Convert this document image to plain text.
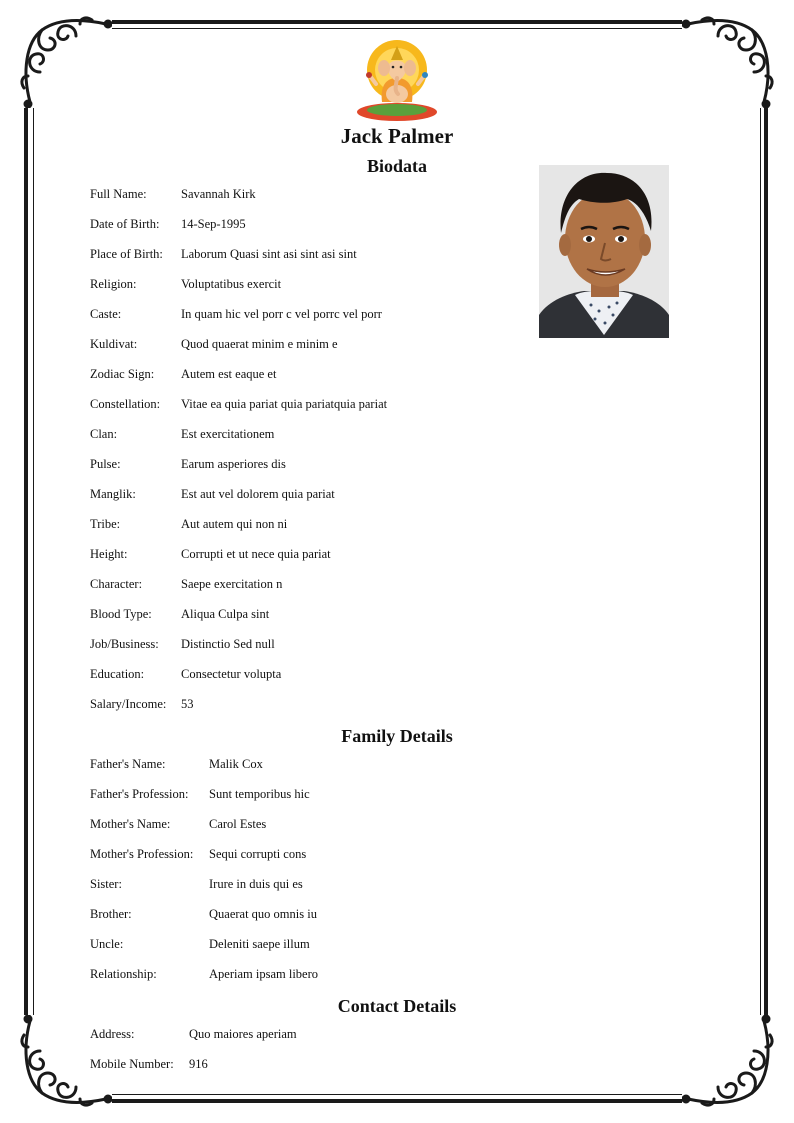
Jack Palmer
Biodata
Full Name:	Savannah Kirk
Date of Birth: 14-Sep-1995
Place of Birth: Laborum Quasi sint asi sint asi sint
Religion:	Voluptatibus exercit
Caste:	In quam hic vel porr c vel porrc vel porr
Kuldivat:	Quod quaerat minim e minim e
Zodiac Sign: Autem est eaque et
Constellation: Vitae ea quia pariat quia pariatquia pariat
Clan:	Est exercitationem
Pulse:	Earum asperiores dis
Manglik:	Est aut vel dolorem quia pariat
Tribe:	Aut autem qui non ni
Height:	Corrupti et ut nece quia pariat
Character:	Saepe exercitation n
Blood Type: Aliqua Culpa sint
Job/Business: Distinctio Sed null
Education:	Consectetur volupta
Salary/Income: 53
Family Details
Father's Name:	Malik Cox
Father's Profession: Sunt temporibus hic
Mother's Name:	Carol Estes
Mother's Profession: Sequi corrupti cons
Sister:	Irure in duis qui es
Brother:	Quaerat quo omnis iu
Uncle:	Deleniti saepe illum
Relationship:	Aperiam ipsam libero
Contact Details
Address:	Quo maiores aperiam
Mobile Number: 916
